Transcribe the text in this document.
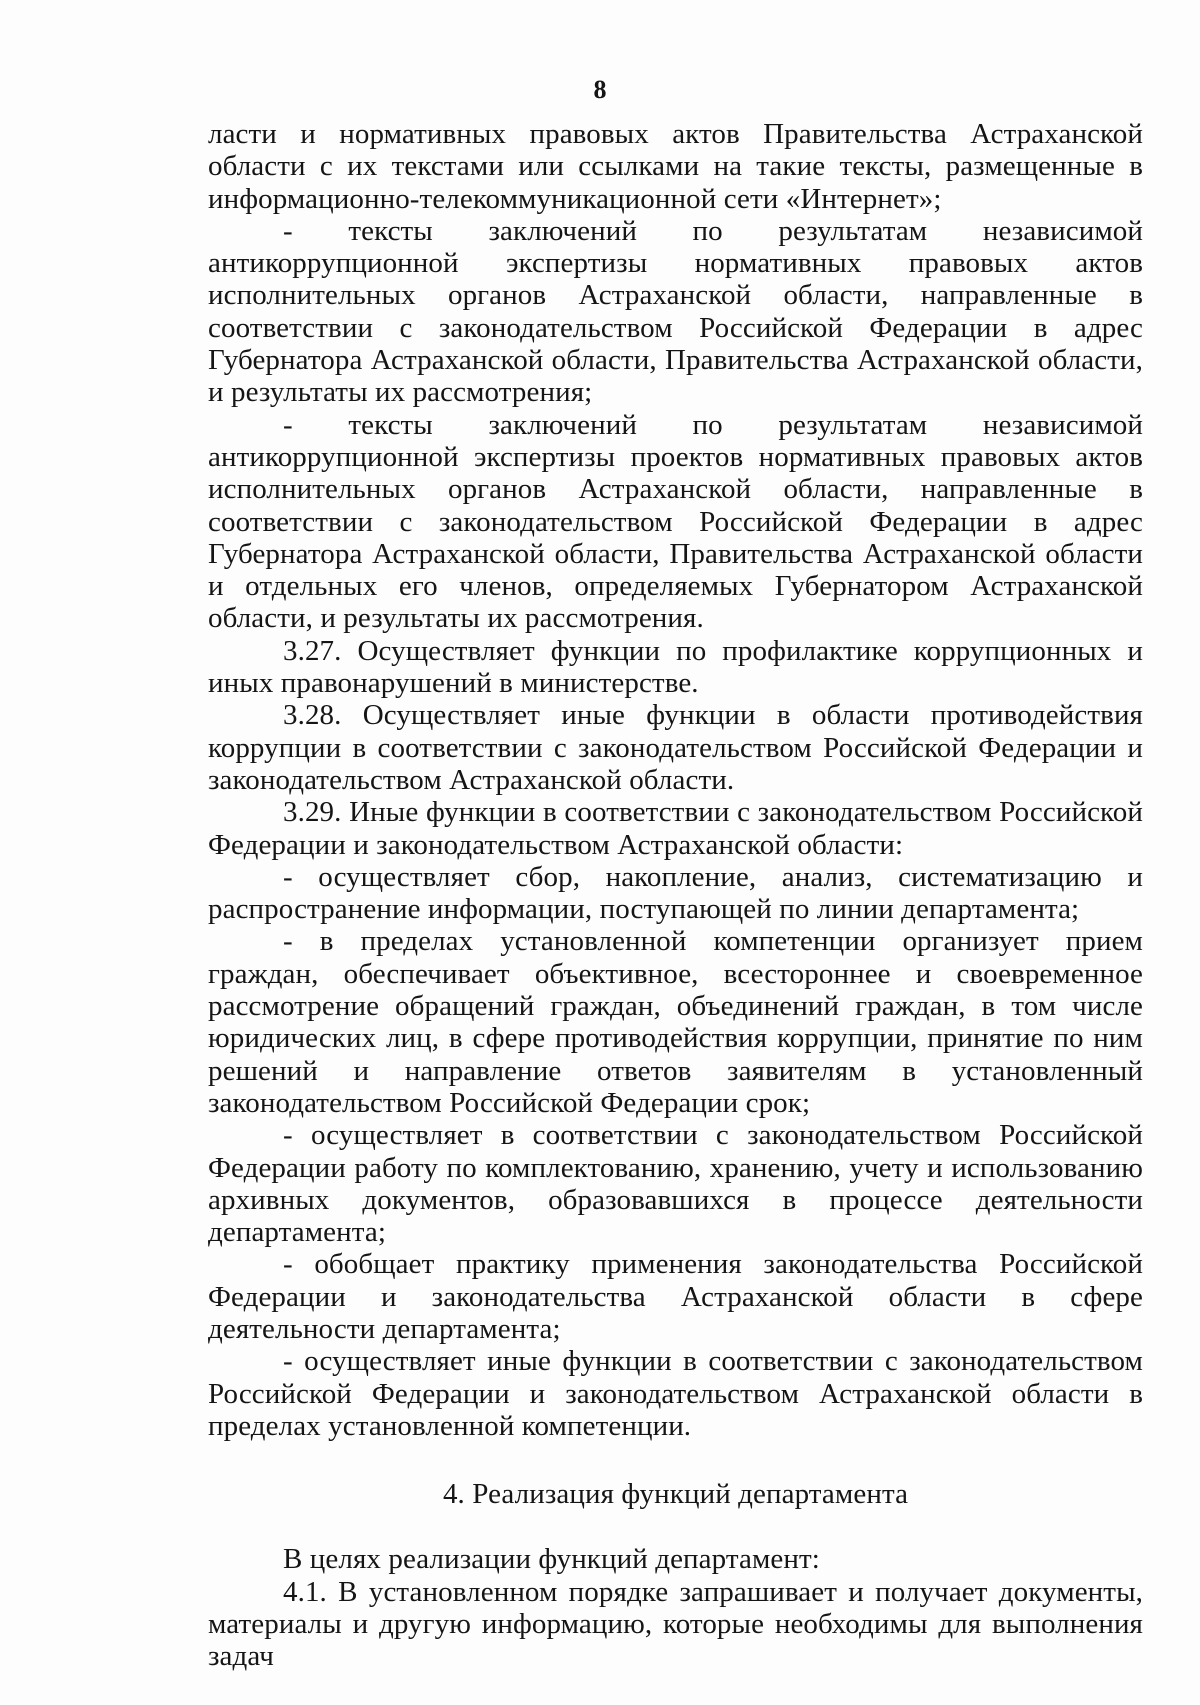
8

ласти и нормативных правовых актов Правительства Астраханской области с их текстами или ссылками на такие тексты, размещенные в информационно-телекоммуникационной сети «Интернет»;

- тексты заключений по результатам независимой антикоррупционной экспертизы нормативных правовых актов исполнительных органов Астраханской области, направленные в соответствии с законодательством Российской Федерации в адрес Губернатора Астраханской области, Правительства Астраханской области, и результаты их рассмотрения;

- тексты заключений по результатам независимой антикоррупционной экспертизы проектов нормативных правовых актов исполнительных органов Астраханской области, направленные в соответствии с законодательством Российской Федерации в адрес Губернатора Астраханской области, Правительства Астраханской области и отдельных его членов, определяемых Губернатором Астраханской области, и результаты их рассмотрения.

3.27. Осуществляет функции по профилактике коррупционных и иных правонарушений в министерстве.

3.28. Осуществляет иные функции в области противодействия коррупции в соответствии с законодательством Российской Федерации и законодательством Астраханской области.

3.29. Иные функции в соответствии с законодательством Российской Федерации и законодательством Астраханской области:

- осуществляет сбор, накопление, анализ, систематизацию и распространение информации, поступающей по линии департамента;

- в пределах установленной компетенции организует прием граждан, обеспечивает объективное, всестороннее и своевременное рассмотрение обращений граждан, объединений граждан, в том числе юридических лиц, в сфере противодействия коррупции, принятие по ним решений и направление ответов заявителям в установленный законодательством Российской Федерации срок;

- осуществляет в соответствии с законодательством Российской Федерации работу по комплектованию, хранению, учету и использованию архивных документов, образовавшихся в процессе деятельности департамента;

- обобщает практику применения законодательства Российской Федерации и законодательства Астраханской области в сфере деятельности департамента;

- осуществляет иные функции в соответствии с законодательством Российской Федерации и законодательством Астраханской области в пределах установленной компетенции.

4. Реализация функций департамента

В целях реализации функций департамент:

4.1. В установленном порядке запрашивает и получает документы, материалы и другую информацию, которые необходимы для выполнения задач
